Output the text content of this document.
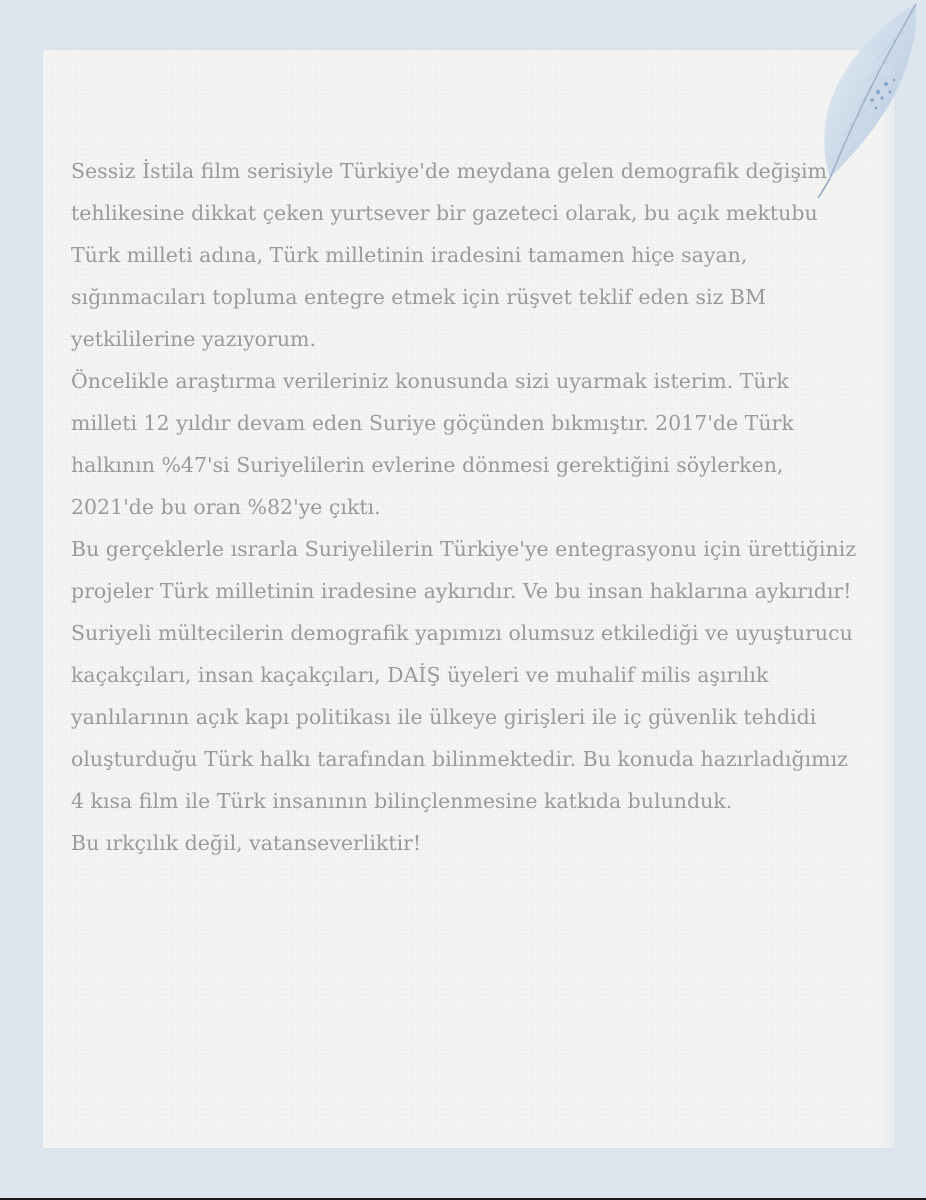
Sessiz İstila film serisiyle Türkiye'de meydana gelen demografik değişim tehlikesine dikkat çeken yurtsever bir gazeteci olarak, bu açık mektubu Türk milleti adına, Türk milletinin iradesini tamamen hiçe sayan, sığınmacıları topluma entegre etmek için rüşvet teklif eden siz BM yetkililerine yazıyorum.

Öncelikle araştırma verileriniz konusunda sizi uyarmak isterim. Türk milleti 12 yıldır devam eden Suriye göçünden bıkmıştır. 2017'de Türk halkının %47'si Suriyelilerin evlerine dönmesi gerektiğini söylerken, 2021'de bu oran %82'ye çıktı.

Bu gerçeklerle ısrarla Suriyelilerin Türkiye'ye entegrasyonu için ürettiğiniz projeler Türk milletinin iradesine aykırıdır. Ve bu insan haklarına aykırıdır!

Suriyeli mültecilerin demografik yapımızı olumsuz etkilediği ve uyuşturucu kaçakçıları, insan kaçakçıları, DAİŞ üyeleri ve muhalif milis aşırılık yanlılarının açık kapı politikası ile ülkeye girişleri ile iç güvenlik tehdidi oluşturduğu Türk halkı tarafından bilinmektedir. Bu konuda hazırladığımız 4 kısa film ile Türk insanının bilinçlenmesine katkıda bulunduk.

Bu ırkçılık değil, vatanseverliktir!
